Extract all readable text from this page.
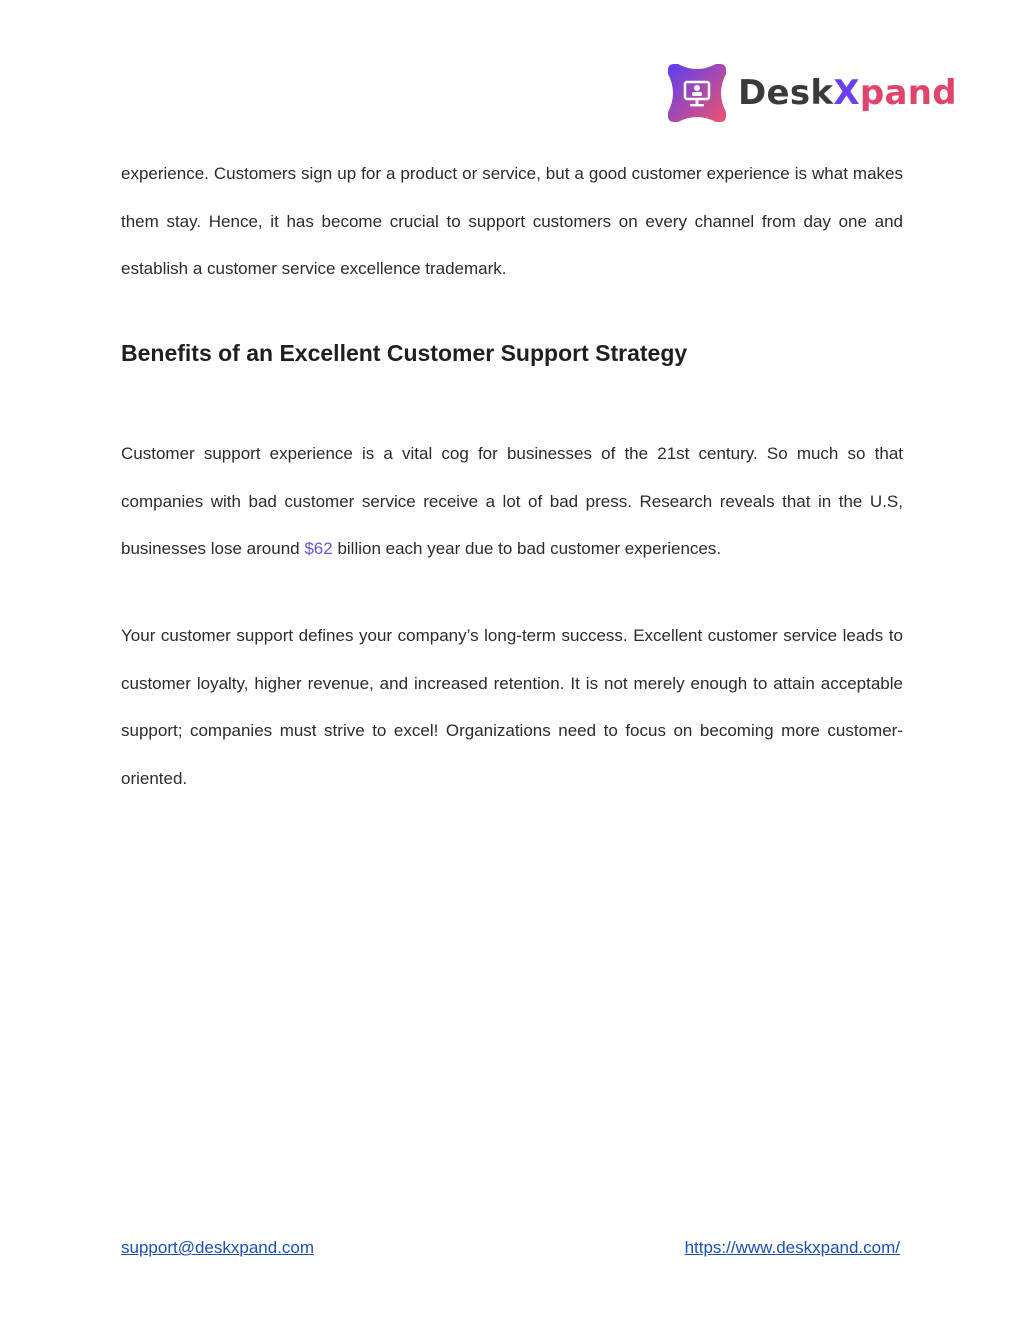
DeskXpand

experience. Customers sign up for a product or service, but a good customer experience is what makes them stay. Hence, it has become crucial to support customers on every channel from day one and establish a customer service excellence trademark.

Benefits of an Excellent Customer Support Strategy

Customer support experience is a vital cog for businesses of the 21st century. So much so that companies with bad customer service receive a lot of bad press. Research reveals that in the U.S, businesses lose around $62 billion each year due to bad customer experiences.

Your customer support defines your company’s long-term success. Excellent customer service leads to customer loyalty, higher revenue, and increased retention. It is not merely enough to attain acceptable support; companies must strive to excel! Organizations need to focus on becoming more customer-oriented.

support@deskxpand.com	https://www.deskxpand.com/
